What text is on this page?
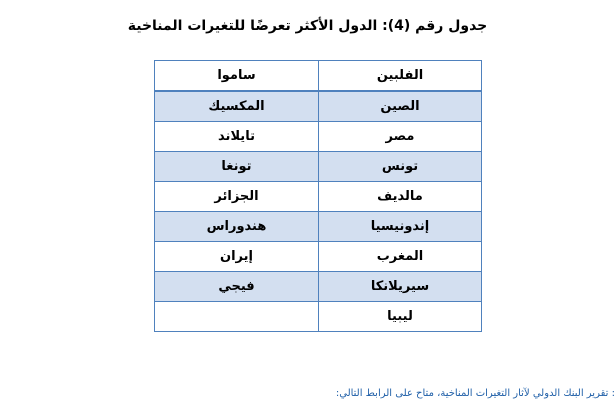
جدول رقم (4): الدول الأكثر تعرضًا للتغيرات المناخية
الفلبين	ساموا
الصين	المكسيك
مصر	تايلاند
تونس	تونغا
مالديف	الجزائر
إندونيسيا	هندوراس
المغرب	إيران
سيريلانكا	فيجي
ليبيا	
: تقرير البنك الدولي لآثار التغيرات المناخية، متاح على الرابط التالي:
